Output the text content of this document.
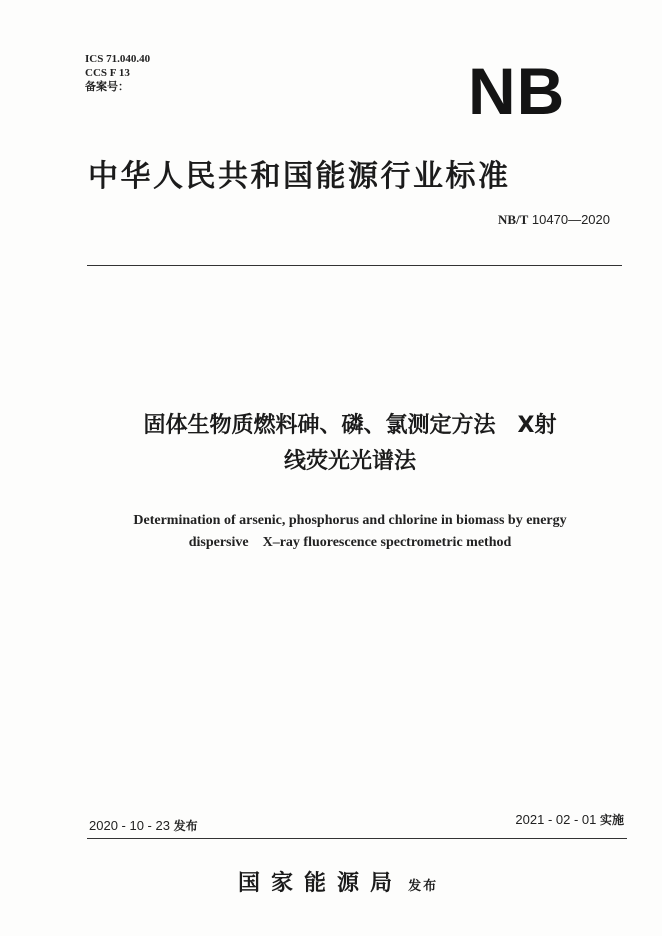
ICS 71.040.40
CCS F 13
备案号：	NB
中华人民共和国能源行业标准
NB/T 10470—2020
固体生物质燃料砷、磷、氯测定方法　X射
线荧光光谱法
Determination of arsenic, phosphorus and chlorine in biomass by energy
dispersive　X–ray fluorescence spectrometric method
2020 - 10 - 23 发布	2021 - 02 - 01 实施
国家能源局 发布
